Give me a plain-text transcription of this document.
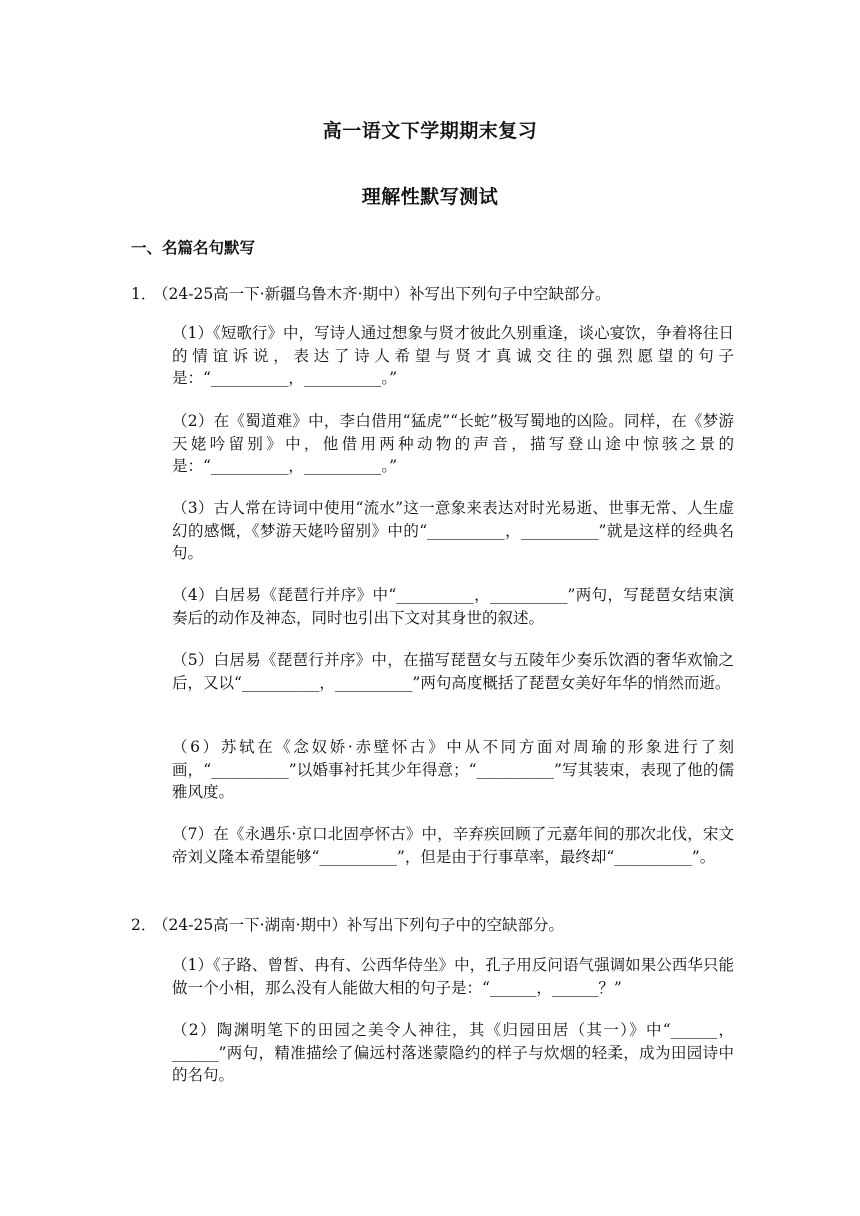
高一语文下学期期末复习
理解性默写测试
一、名篇名句默写
1．（24-25高一下·新疆乌鲁木齐·期中）补写出下列句子中空缺部分。
（1）《短歌行》中，写诗人通过想象与贤才彼此久别重逢，谈心宴饮，争着将往日的情谊诉说，表达了诗人希望与贤才真诚交往的强烈愿望的句子是：“__________，__________。”
（2）在《蜀道难》中，李白借用“猛虎”“长蛇”极写蜀地的凶险。同样，在《梦游天姥吟留别》中，他借用两种动物的声音，描写登山途中惊骇之景的是：“__________，__________。”
（3）古人常在诗词中使用“流水”这一意象来表达对时光易逝、世事无常、人生虚幻的感慨，《梦游天姥吟留别》中的“__________，__________”就是这样的经典名句。
（4）白居易《琵琶行并序》中“__________，__________”两句，写琵琶女结束演奏后的动作及神态，同时也引出下文对其身世的叙述。
（5）白居易《琵琶行并序》中，在描写琵琶女与五陵年少奏乐饮酒的奢华欢愉之后，又以“__________，__________”两句高度概括了琵琶女美好年华的悄然而逝。
（6）苏轼在《念奴娇·赤壁怀古》中从不同方面对周瑜的形象进行了刻画，“__________”以婚事衬托其少年得意；“__________”写其装束，表现了他的儒雅风度。
（7）在《永遇乐·京口北固亭怀古》中，辛弃疾回顾了元嘉年间的那次北伐，宋文帝刘义隆本希望能够“__________”，但是由于行事草率，最终却“__________”。
2．（24-25高一下·湖南·期中）补写出下列句子中的空缺部分。
（1）《子路、曾皙、冉有、公西华侍坐》中，孔子用反问语气强调如果公西华只能做一个小相，那么没有人能做大相的句子是：“______，______？”
（2）陶渊明笔下的田园之美令人神往，其《归园田居（其一）》中“______，______”两句，精准描绘了偏远村落迷蒙隐约的样子与炊烟的轻柔，成为田园诗中的名句。
